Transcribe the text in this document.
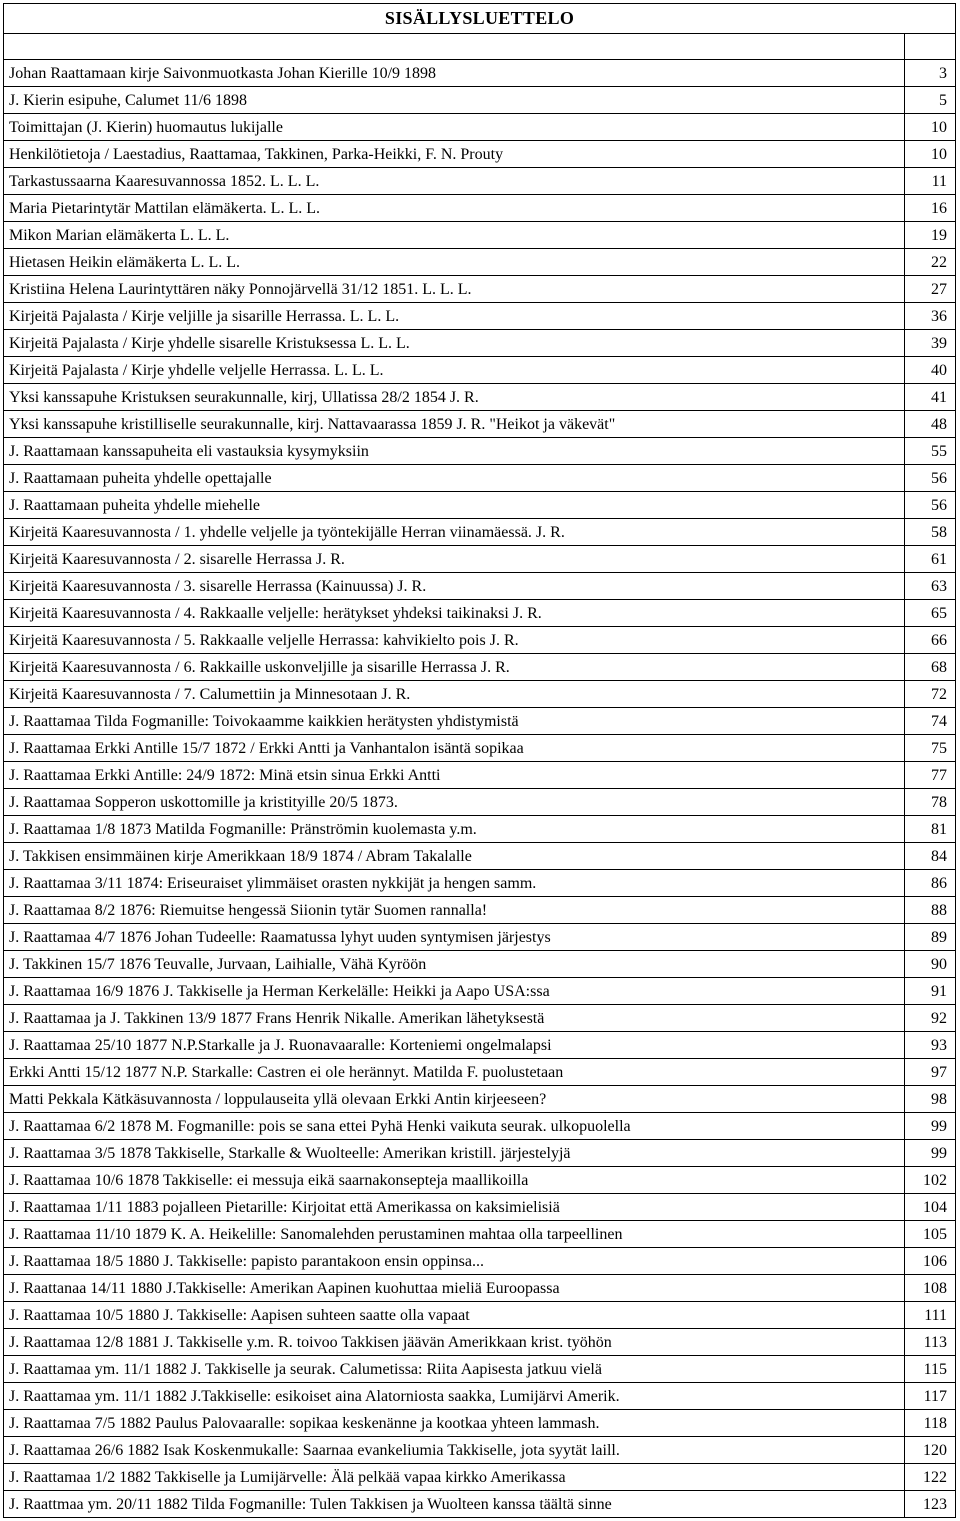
SISÄLLYSLUETTELO	

Johan Raattamaan kirje Saivonmuotkasta Johan Kierille 10/9 1898	3
J. Kierin esipuhe, Calumet 11/6 1898	5
Toimittajan (J. Kierin) huomautus lukijalle	10
Henkilötietoja / Laestadius, Raattamaa, Takkinen, Parka-Heikki, F. N. Prouty	10
Tarkastussaarna Kaaresuvannossa 1852. L. L. L.	11
Maria Pietarintytär Mattilan elämäkerta. L. L. L.	16
Mikon Marian elämäkerta L. L. L.	19
Hietasen Heikin elämäkerta L. L. L.	22
Kristiina Helena Laurintyttären näky Ponnojärvellä 31/12 1851. L. L. L.	27
Kirjeitä Pajalasta / Kirje veljille ja sisarille Herrassa. L. L. L.	36
Kirjeitä Pajalasta / Kirje yhdelle sisarelle Kristuksessa L. L. L.	39
Kirjeitä Pajalasta / Kirje yhdelle veljelle Herrassa. L. L. L.	40
Yksi kanssapuhe Kristuksen seurakunnalle, kirj, Ullatissa 28/2 1854 J. R.	41
Yksi kanssapuhe kristilliselle seurakunnalle, kirj. Nattavaarassa 1859 J. R. "Heikot ja väkevät"	48
J. Raattamaan kanssapuheita eli vastauksia kysymyksiin	55
J. Raattamaan puheita yhdelle opettajalle	56
J. Raattamaan puheita yhdelle miehelle	56
Kirjeitä Kaaresuvannosta / 1. yhdelle veljelle ja työntekijälle Herran viinamäessä. J. R.	58
Kirjeitä Kaaresuvannosta / 2. sisarelle Herrassa J. R.	61
Kirjeitä Kaaresuvannosta / 3. sisarelle Herrassa (Kainuussa) J. R.	63
Kirjeitä Kaaresuvannosta / 4. Rakkaalle veljelle: herätykset yhdeksi taikinaksi J. R.	65
Kirjeitä Kaaresuvannosta / 5. Rakkaalle veljelle Herrassa: kahvikielto pois J. R.	66
Kirjeitä Kaaresuvannosta / 6. Rakkaille uskonveljille ja sisarille Herrassa J. R.	68
Kirjeitä Kaaresuvannosta / 7. Calumettiin ja Minnesotaan J. R.	72
J. Raattamaa Tilda Fogmanille: Toivokaamme kaikkien herätysten yhdistymistä	74
J. Raattamaa Erkki Antille 15/7 1872 / Erkki Antti ja Vanhantalon isäntä sopikaa	75
J. Raattamaa Erkki Antille: 24/9 1872: Minä etsin sinua Erkki Antti	77
J. Raattamaa Sopperon uskottomille ja kristityille 20/5 1873.	78
J. Raattamaa 1/8 1873 Matilda Fogmanille: Pränströmin kuolemasta y.m.	81
J. Takkisen ensimmäinen kirje Amerikkaan 18/9 1874 / Abram Takalalle	84
J. Raattamaa 3/11 1874: Eriseuraiset ylimmäiset orasten nykkijät ja hengen samm.	86
J. Raattamaa 8/2 1876: Riemuitse hengessä Siionin tytär Suomen rannalla!	88
J. Raattamaa 4/7 1876 Johan Tudeelle: Raamatussa lyhyt uuden syntymisen järjestys	89
J. Takkinen 15/7 1876 Teuvalle, Jurvaan, Laihialle, Vähä Kyröön	90
J. Raattamaa 16/9 1876 J. Takkiselle ja Herman Kerkelälle: Heikki ja Aapo USA:ssa	91
J. Raattamaa ja J. Takkinen 13/9 1877 Frans Henrik Nikalle. Amerikan lähetyksestä	92
J. Raattamaa 25/10 1877 N.P.Starkalle ja J. Ruonavaaralle: Korteniemi ongelmalapsi	93
Erkki Antti 15/12 1877 N.P. Starkalle: Castren ei ole herännyt. Matilda F. puolustetaan	97
Matti Pekkala Kätkäsuvannosta / loppulauseita yllä olevaan Erkki Antin kirjeeseen?	98
J. Raattamaa 6/2 1878 M. Fogmanille: pois se sana ettei Pyhä Henki vaikuta seurak. ulkopuolella	99
J. Raattamaa 3/5 1878 Takkiselle, Starkalle & Wuolteelle: Amerikan kristill. järjestelyjä	99
J. Raattamaa 10/6 1878 Takkiselle: ei messuja eikä saarnakonsepteja maallikoilla	102
J. Raattamaa 1/11 1883 pojalleen Pietarille: Kirjoitat että Amerikassa on kaksimielisiä	104
J. Raattamaa 11/10 1879 K. A. Heikelille: Sanomalehden perustaminen mahtaa olla tarpeellinen	105
J. Raattamaa 18/5 1880 J. Takkiselle: papisto parantakoon ensin oppinsa...	106
J. Raattanaa 14/11 1880 J.Takkiselle: Amerikan Aapinen kuohuttaa mieliä Euroopassa	108
J. Raattamaa 10/5 1880 J. Takkiselle: Aapisen suhteen saatte olla vapaat	111
J. Raattamaa 12/8 1881 J. Takkiselle y.m. R. toivoo Takkisen jäävän Amerikkaan krist. työhön	113
J. Raattamaa ym. 11/1 1882 J. Takkiselle ja seurak. Calumetissa: Riita Aapisesta jatkuu vielä	115
J. Raattamaa ym. 11/1 1882 J.Takkiselle: esikoiset aina Alatorniosta saakka, Lumijärvi Amerik.	117
J. Raattamaa 7/5 1882 Paulus Palovaaralle: sopikaa keskenänne ja kootkaa yhteen lammash.	118
J. Raattamaa 26/6 1882 Isak Koskenmukalle: Saarnaa evankeliumia Takkiselle, jota syytät laill.	120
J. Raattamaa 1/2 1882 Takkiselle ja Lumijärvelle: Älä pelkää vapaa kirkko Amerikassa	122
J. Raattmaa ym. 20/11 1882 Tilda Fogmanille: Tulen Takkisen ja Wuolteen kanssa täältä sinne	123
